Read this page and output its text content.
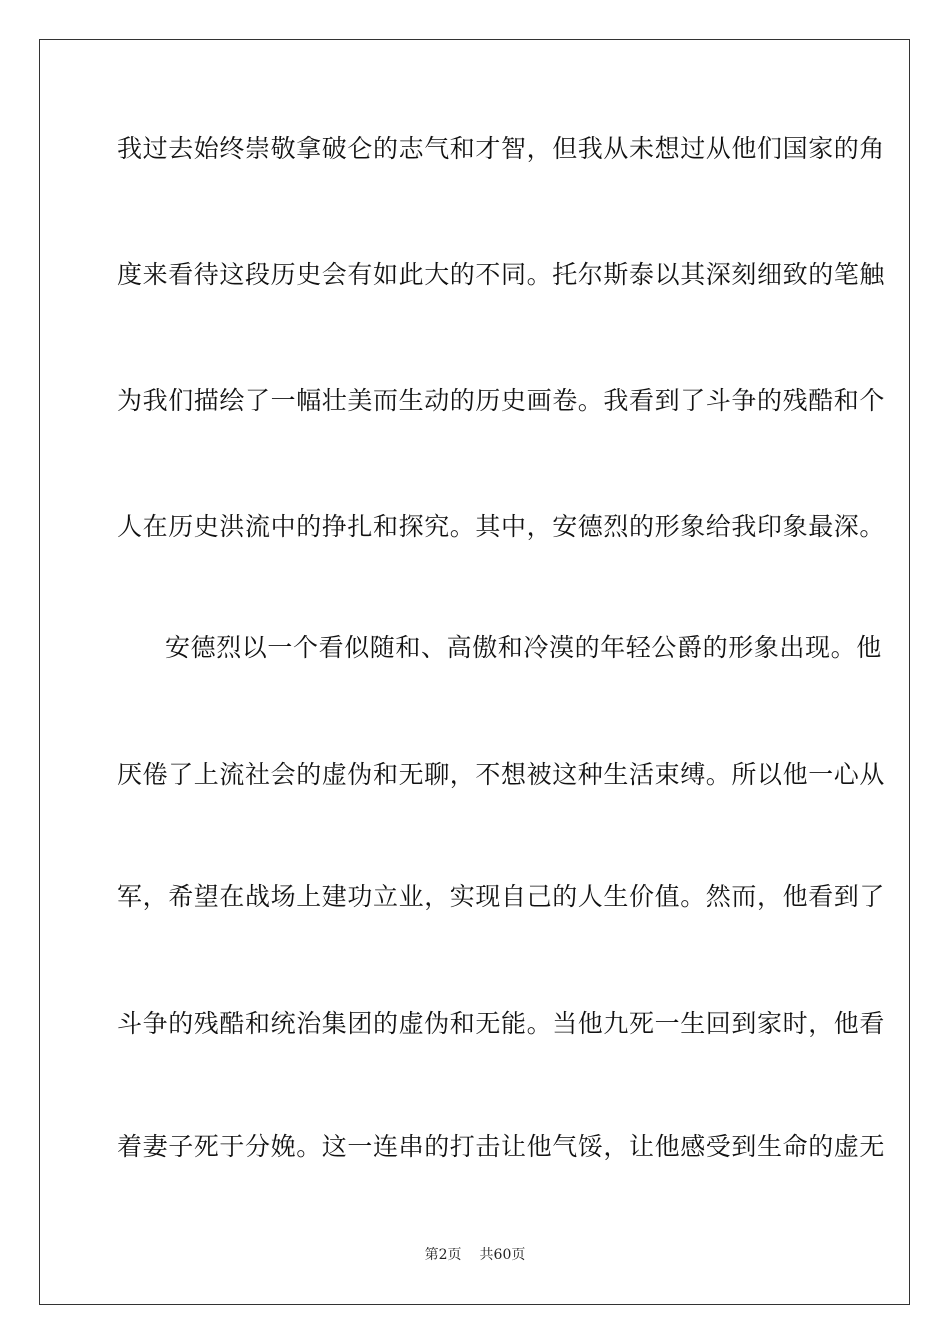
我过去始终崇敬拿破仑的志气和才智，但我从未想过从他们国家的角
度来看待这段历史会有如此大的不同。托尔斯泰以其深刻细致的笔触
为我们描绘了一幅壮美而生动的历史画卷。我看到了斗争的残酷和个
人在历史洪流中的挣扎和探究。其中，安德烈的形象给我印象最深。
安德烈以一个看似随和、高傲和冷漠的年轻公爵的形象出现。他
厌倦了上流社会的虚伪和无聊，不想被这种生活束缚。所以他一心从
军，希望在战场上建功立业，实现自己的人生价值。然而，他看到了
斗争的残酷和统治集团的虚伪和无能。当他九死一生回到家时，他看
着妻子死于分娩。这一连串的打击让他气馁，让他感受到生命的虚无
第2页 共60页
